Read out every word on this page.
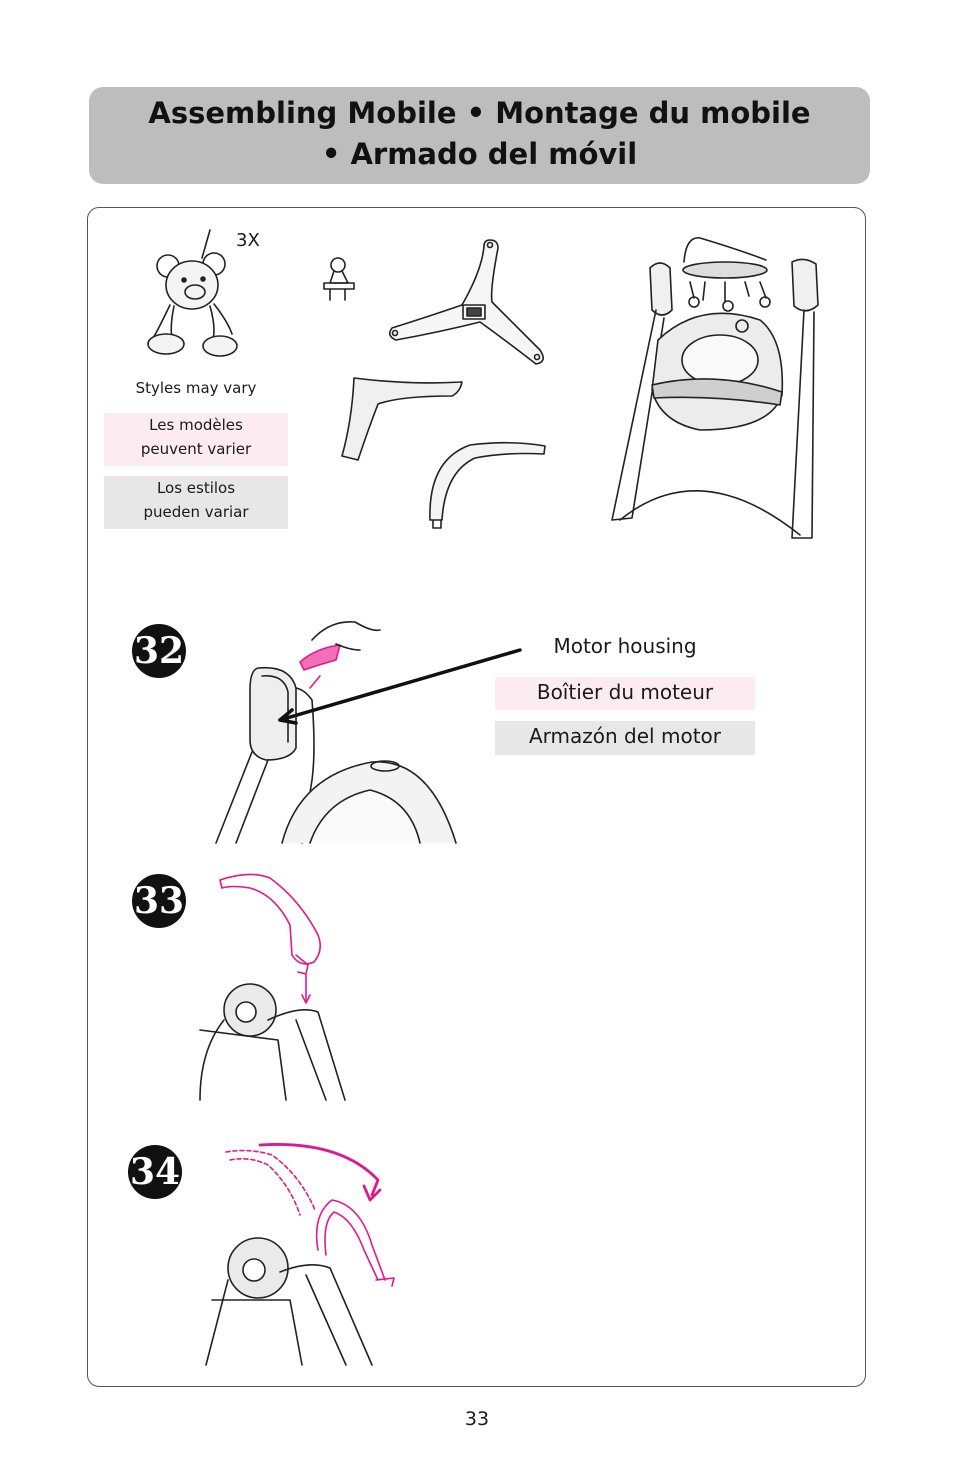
Assembling Mobile • Montage du mobile
• Armado del móvil
3X
Styles may vary
Les modèles peuvent varier
Los estilos pueden variar
32
33
34
Motor housing
Boîtier du moteur
Armazón del motor
33
